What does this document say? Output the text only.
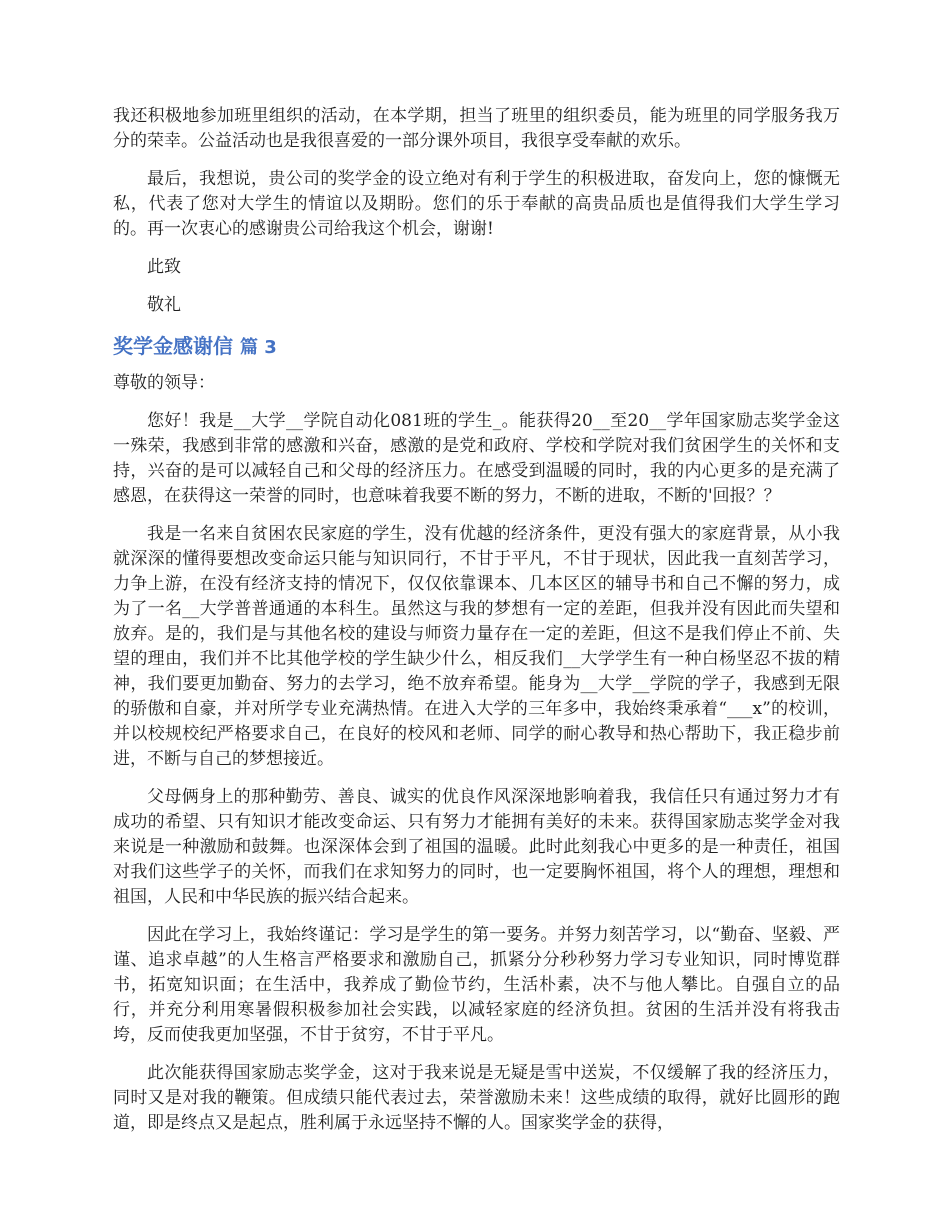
我还积极地参加班里组织的活动，在本学期，担当了班里的组织委员，能为班里的同学服务我万分的荣幸。公益活动也是我很喜爱的一部分课外项目，我很享受奉献的欢乐。

最后，我想说，贵公司的奖学金的设立绝对有利于学生的积极进取，奋发向上，您的慷慨无私，代表了您对大学生的情谊以及期盼。您们的乐于奉献的高贵品质也是值得我们大学生学习的。再一次衷心的感谢贵公司给我这个机会，谢谢!

此致

敬礼

奖学金感谢信 篇 3

尊敬的领导：

您好！我是__大学__学院自动化081班的学生_。能获得20__至20__学年国家励志奖学金这一殊荣，我感到非常的感激和兴奋，感激的是党和政府、学校和学院对我们贫困学生的关怀和支持，兴奋的是可以减轻自己和父母的经济压力。在感受到温暖的同时，我的内心更多的是充满了感恩，在获得这一荣誉的同时，也意味着我要不断的努力，不断的进取，不断的'回报？？

我是一名来自贫困农民家庭的学生，没有优越的经济条件，更没有强大的家庭背景，从小我就深深的懂得要想改变命运只能与知识同行，不甘于平凡，不甘于现状，因此我一直刻苦学习，力争上游，在没有经济支持的情况下，仅仅依靠课本、几本区区的辅导书和自己不懈的努力，成为了一名__大学普普通通的本科生。虽然这与我的梦想有一定的差距，但我并没有因此而失望和放弃。是的，我们是与其他名校的建设与师资力量存在一定的差距，但这不是我们停止不前、失望的理由，我们并不比其他学校的学生缺少什么，相反我们__大学学生有一种白杨坚忍不拔的精神，我们要更加勤奋、努力的去学习，绝不放弃希望。能身为__大学__学院的学子，我感到无限的骄傲和自豪，并对所学专业充满热情。在进入大学的三年多中，我始终秉承着“___x”的校训，并以校规校纪严格要求自己，在良好的校风和老师、同学的耐心教导和热心帮助下，我正稳步前进，不断与自己的梦想接近。

父母俩身上的那种勤劳、善良、诚实的优良作风深深地影响着我，我信任只有通过努力才有成功的希望、只有知识才能改变命运、只有努力才能拥有美好的未来。获得国家励志奖学金对我来说是一种激励和鼓舞。也深深体会到了祖国的温暖。此时此刻我心中更多的是一种责任，祖国对我们这些学子的关怀，而我们在求知努力的同时，也一定要胸怀祖国，将个人的理想，理想和祖国，人民和中华民族的振兴结合起来。

因此在学习上，我始终谨记：学习是学生的第一要务。并努力刻苦学习，以“勤奋、坚毅、严谨、追求卓越”的人生格言严格要求和激励自己，抓紧分分秒秒努力学习专业知识，同时博览群书，拓宽知识面；在生活中，我养成了勤俭节约，生活朴素，决不与他人攀比。自强自立的品行，并充分利用寒暑假积极参加社会实践，以减轻家庭的经济负担。贫困的生活并没有将我击垮，反而使我更加坚强，不甘于贫穷，不甘于平凡。

此次能获得国家励志奖学金，这对于我来说是无疑是雪中送炭，不仅缓解了我的经济压力，同时又是对我的鞭策。但成绩只能代表过去，荣誉激励未来！这些成绩的取得，就好比圆形的跑道，即是终点又是起点，胜利属于永远坚持不懈的人。国家奖学金的获得，
